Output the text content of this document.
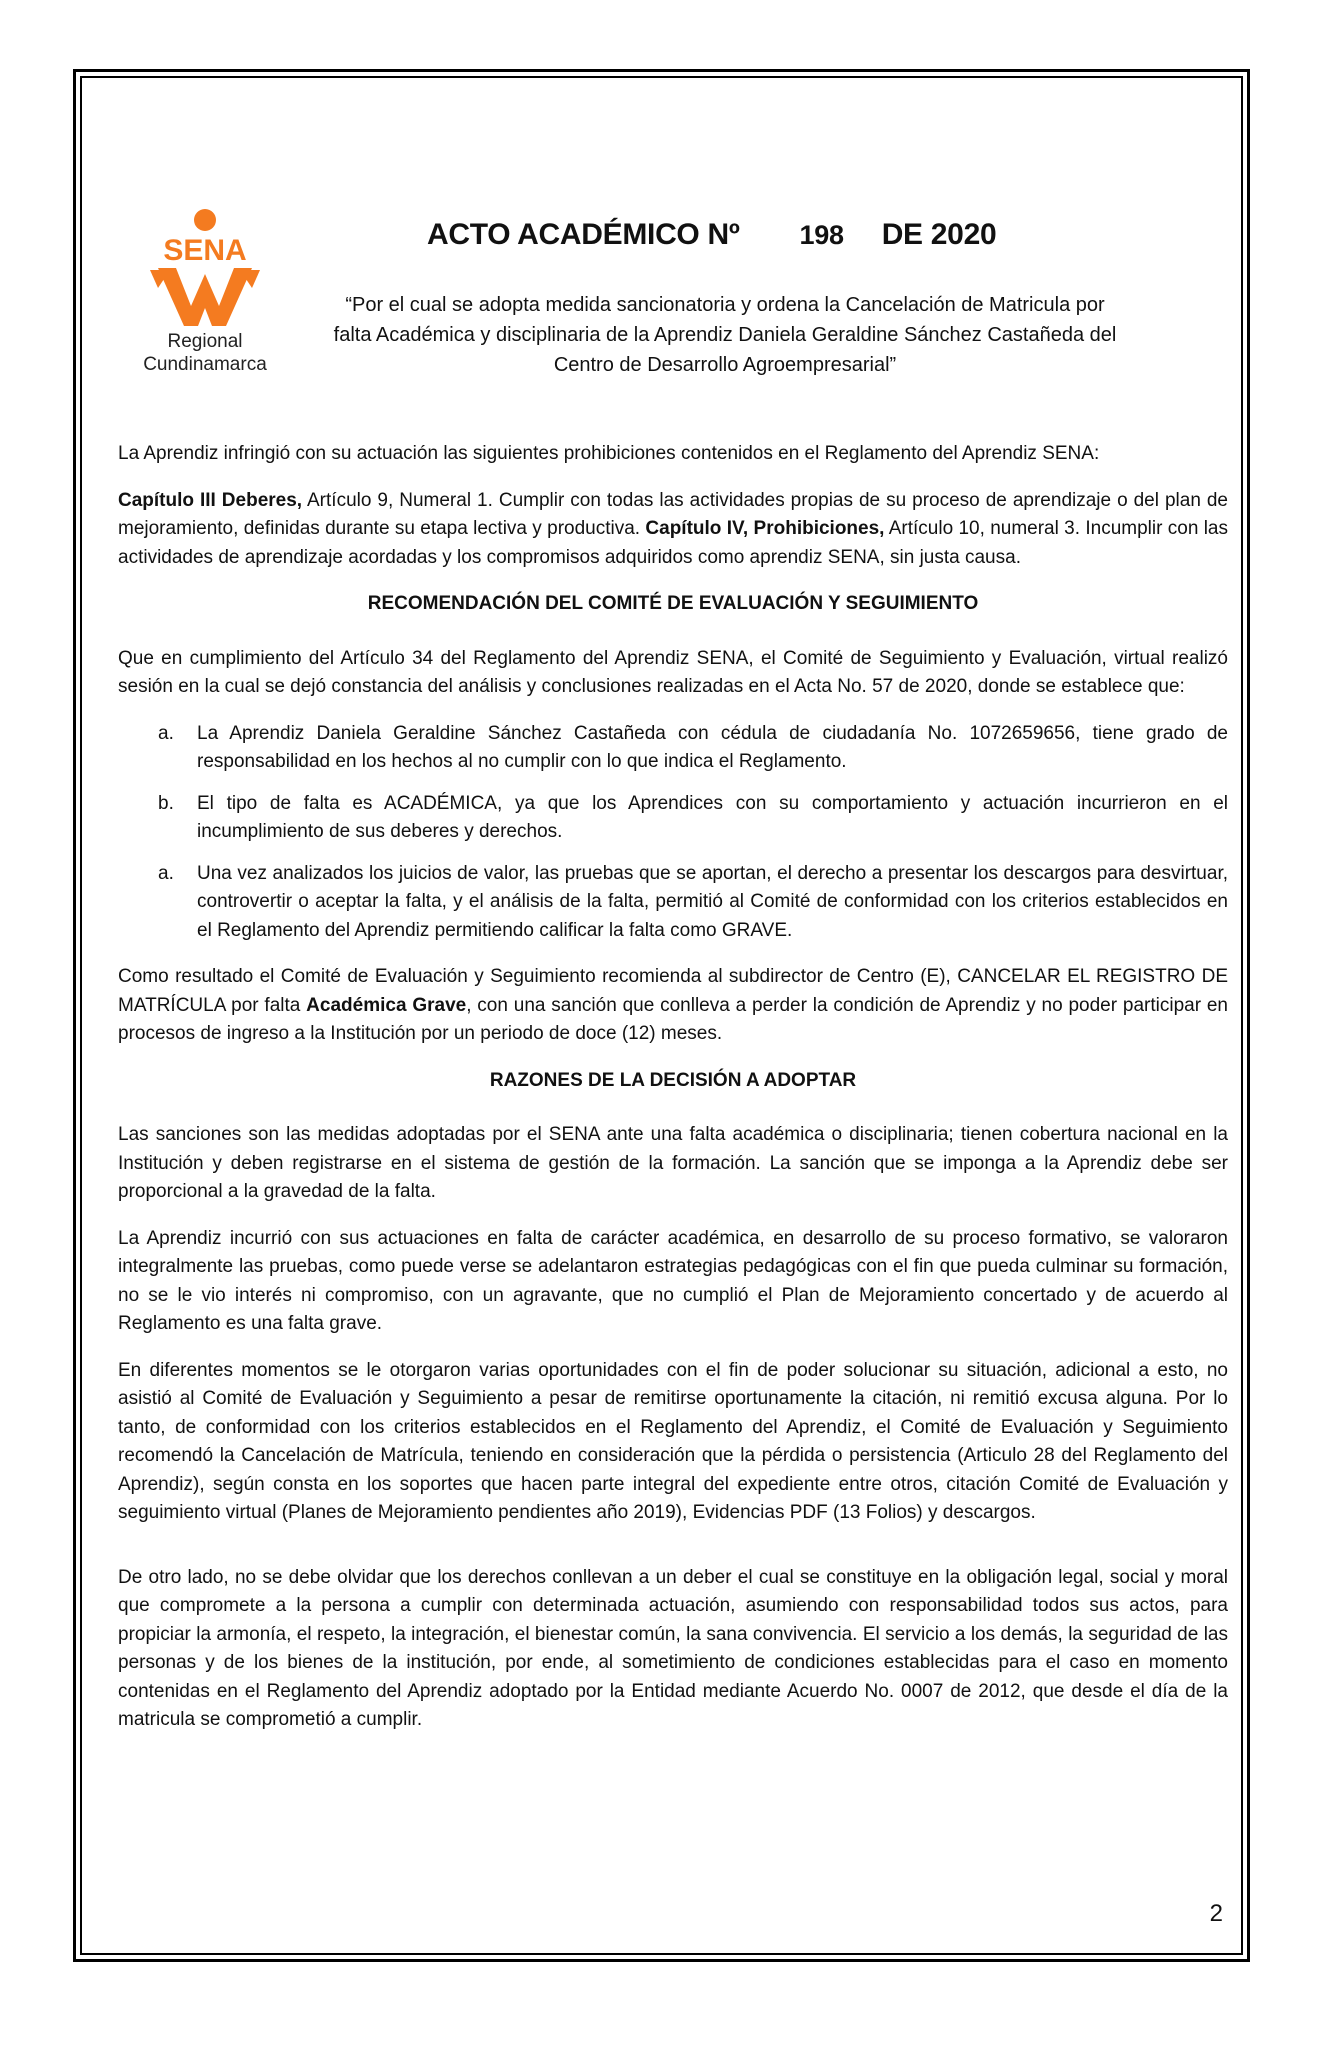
SENA
Regional
Cundinamarca
ACTO ACADÉMICO Nº 198 DE 2020
“Por el cual se adopta medida sancionatoria y ordena la Cancelación de Matricula por falta Académica y disciplinaria de la Aprendiz Daniela Geraldine Sánchez Castañeda del Centro de Desarrollo Agroempresarial”

La Aprendiz infringió con su actuación las siguientes prohibiciones contenidos en el Reglamento del Aprendiz SENA:

Capítulo III Deberes, Artículo 9, Numeral 1. Cumplir con todas las actividades propias de su proceso de aprendizaje o del plan de mejoramiento, definidas durante su etapa lectiva y productiva. Capítulo IV, Prohibiciones, Artículo 10, numeral 3. Incumplir con las actividades de aprendizaje acordadas y los compromisos adquiridos como aprendiz SENA, sin justa causa.

RECOMENDACIÓN DEL COMITÉ DE EVALUACIÓN Y SEGUIMIENTO

Que en cumplimiento del Artículo 34 del Reglamento del Aprendiz SENA, el Comité de Seguimiento y Evaluación, virtual realizó sesión en la cual se dejó constancia del análisis y conclusiones realizadas en el Acta No. 57 de 2020, donde se establece que:

a.	La Aprendiz Daniela Geraldine Sánchez Castañeda con cédula de ciudadanía No. 1072659656, tiene grado de responsabilidad en los hechos al no cumplir con lo que indica el Reglamento.
b.	El tipo de falta es ACADÉMICA, ya que los Aprendices con su comportamiento y actuación incurrieron en el incumplimiento de sus deberes y derechos.
a.	Una vez analizados los juicios de valor, las pruebas que se aportan, el derecho a presentar los descargos para desvirtuar, controvertir o aceptar la falta, y el análisis de la falta, permitió al Comité de conformidad con los criterios establecidos en el Reglamento del Aprendiz permitiendo calificar la falta como GRAVE.

Como resultado el Comité de Evaluación y Seguimiento recomienda al subdirector de Centro (E), CANCELAR EL REGISTRO DE MATRÍCULA por falta Académica Grave, con una sanción que conlleva a perder la condición de Aprendiz y no poder participar en procesos de ingreso a la Institución por un periodo de doce (12) meses.

RAZONES DE LA DECISIÓN A ADOPTAR

Las sanciones son las medidas adoptadas por el SENA ante una falta académica o disciplinaria; tienen cobertura nacional en la Institución y deben registrarse en el sistema de gestión de la formación. La sanción que se imponga a la Aprendiz debe ser proporcional a la gravedad de la falta.

La Aprendiz incurrió con sus actuaciones en falta de carácter académica, en desarrollo de su proceso formativo, se valoraron integralmente las pruebas, como puede verse se adelantaron estrategias pedagógicas con el fin que pueda culminar su formación, no se le vio interés ni compromiso, con un agravante, que no cumplió el Plan de Mejoramiento concertado y de acuerdo al Reglamento es una falta grave.

En diferentes momentos se le otorgaron varias oportunidades con el fin de poder solucionar su situación, adicional a esto, no asistió al Comité de Evaluación y Seguimiento a pesar de remitirse oportunamente la citación, ni remitió excusa alguna. Por lo tanto, de conformidad con los criterios establecidos en el Reglamento del Aprendiz, el Comité de Evaluación y Seguimiento recomendó la Cancelación de Matrícula, teniendo en consideración que la pérdida o persistencia (Articulo 28 del Reglamento del Aprendiz), según consta en los soportes que hacen parte integral del expediente entre otros, citación Comité de Evaluación y seguimiento virtual (Planes de Mejoramiento pendientes año 2019), Evidencias PDF (13 Folios) y descargos.

De otro lado, no se debe olvidar que los derechos conllevan a un deber el cual se constituye en la obligación legal, social y moral que compromete a la persona a cumplir con determinada actuación, asumiendo con responsabilidad todos sus actos, para propiciar la armonía, el respeto, la integración, el bienestar común, la sana convivencia. El servicio a los demás, la seguridad de las personas y de los bienes de la institución, por ende, al sometimiento de condiciones establecidas para el caso en momento contenidas en el Reglamento del Aprendiz adoptado por la Entidad mediante Acuerdo No. 0007 de 2012, que desde el día de la matricula se comprometió a cumplir.

2
